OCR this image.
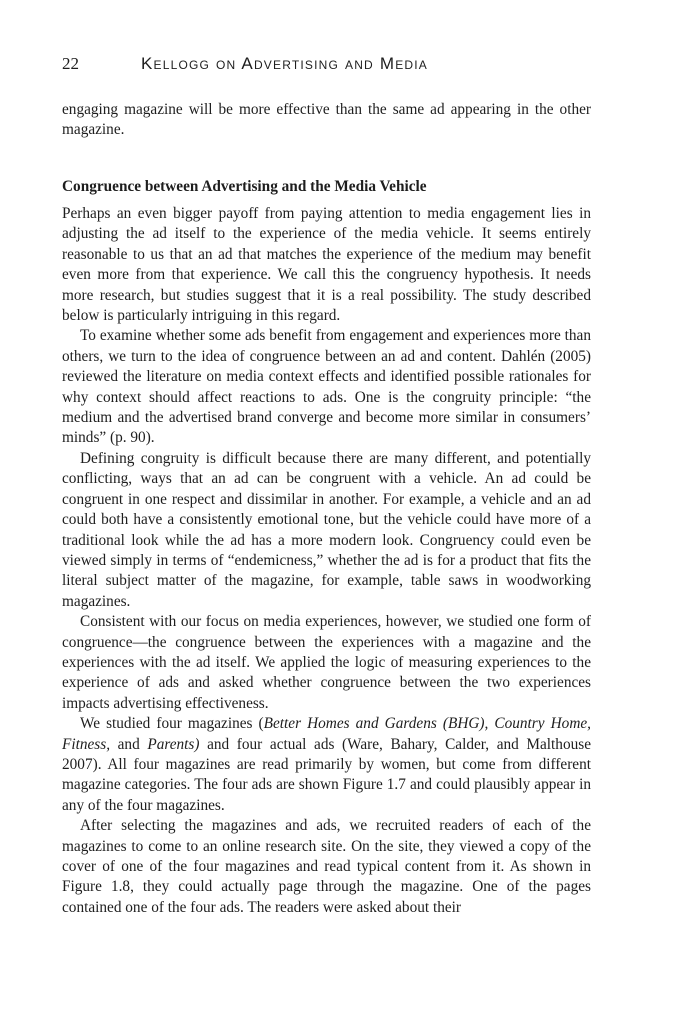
22	Kellogg on Advertising and Media

engaging magazine will be more effective than the same ad appearing in the other magazine.

Congruence between Advertising and the Media Vehicle

Perhaps an even bigger payoff from paying attention to media engagement lies in adjusting the ad itself to the experience of the media vehicle. It seems entirely reasonable to us that an ad that matches the experience of the medium may benefit even more from that experience. We call this the congruency hypothesis. It needs more research, but studies suggest that it is a real possibility. The study described below is particularly intriguing in this regard.

To examine whether some ads benefit from engagement and experiences more than others, we turn to the idea of congruence between an ad and content. Dahlén (2005) reviewed the literature on media context effects and identified possible rationales for why context should affect reactions to ads. One is the congruity principle: “the medium and the advertised brand converge and become more similar in consumers’ minds” (p. 90).

Defining congruity is difficult because there are many different, and potentially conflicting, ways that an ad can be congruent with a vehicle. An ad could be congruent in one respect and dissimilar in another. For example, a vehicle and an ad could both have a consistently emotional tone, but the vehicle could have more of a traditional look while the ad has a more modern look. Congruency could even be viewed simply in terms of “endemicness,” whether the ad is for a product that fits the literal subject matter of the magazine, for example, table saws in woodworking magazines.

Consistent with our focus on media experiences, however, we studied one form of congruence—the congruence between the experiences with a magazine and the experiences with the ad itself. We applied the logic of measuring experiences to the experience of ads and asked whether congruence between the two experiences impacts advertising effectiveness.

We studied four magazines (Better Homes and Gardens (BHG), Country Home, Fitness, and Parents) and four actual ads (Ware, Bahary, Calder, and Malthouse 2007). All four magazines are read primarily by women, but come from different magazine categories. The four ads are shown Figure 1.7 and could plausibly appear in any of the four magazines.

After selecting the magazines and ads, we recruited readers of each of the magazines to come to an online research site. On the site, they viewed a copy of the cover of one of the four magazines and read typical content from it. As shown in Figure 1.8, they could actually page through the magazine. One of the pages contained one of the four ads. The readers were asked about their
